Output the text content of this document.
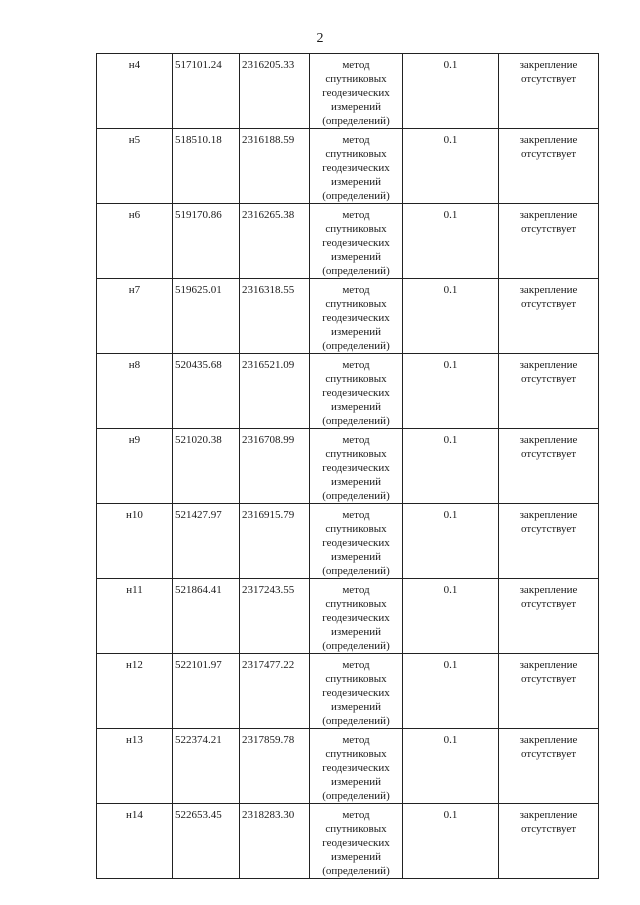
2
н4	517101.24	2316205.33	метод
спутниковых
геодезических
измерений
(определений)	0.1	закрепление
отсутствует

н5	518510.18	2316188.59	метод
спутниковых
геодезических
измерений
(определений)	0.1	закрепление
отсутствует

н6	519170.86	2316265.38	метод
спутниковых
геодезических
измерений
(определений)	0.1	закрепление
отсутствует

н7	519625.01	2316318.55	метод
спутниковых
геодезических
измерений
(определений)	0.1	закрепление
отсутствует

н8	520435.68	2316521.09	метод
спутниковых
геодезических
измерений
(определений)	0.1	закрепление
отсутствует

н9	521020.38	2316708.99	метод
спутниковых
геодезических
измерений
(определений)	0.1	закрепление
отсутствует

н10	521427.97	2316915.79	метод
спутниковых
геодезических
измерений
(определений)	0.1	закрепление
отсутствует

н11	521864.41	2317243.55	метод
спутниковых
геодезических
измерений
(определений)	0.1	закрепление
отсутствует

н12	522101.97	2317477.22	метод
спутниковых
геодезических
измерений
(определений)	0.1	закрепление
отсутствует

н13	522374.21	2317859.78	метод
спутниковых
геодезических
измерений
(определений)	0.1	закрепление
отсутствует

н14	522653.45	2318283.30	метод
спутниковых
геодезических
измерений
(определений)	0.1	закрепление
отсутствует
